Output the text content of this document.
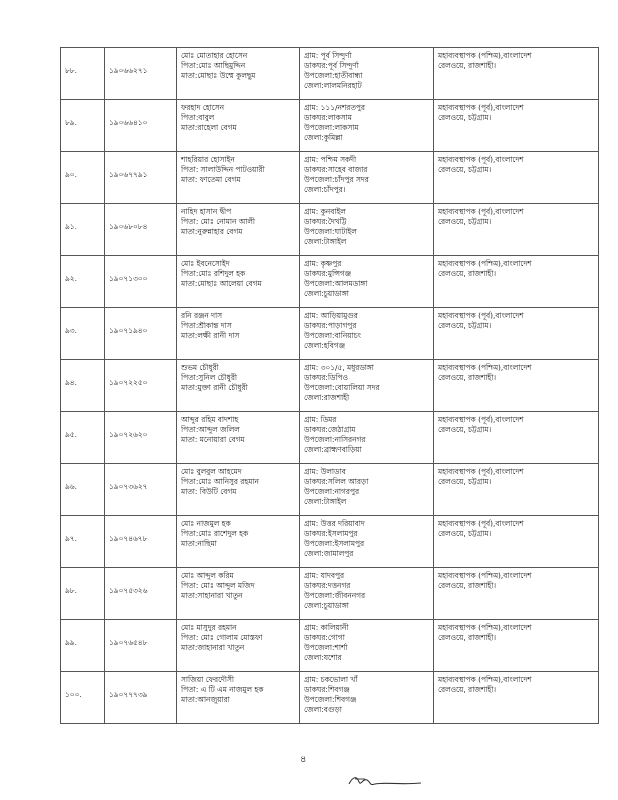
৮৮.	১৯০৬৬২৭১	মোঃ মোতাহার হোসেন
পিতা:মোঃ আছিমুদ্দিন
মাতা:মোছাঃ উম্মে কুলছুম	গ্রাম: পূর্ব সিন্দুর্ণা
ডাকঘর:পূর্ব সিন্দুর্ণা
উপজেলা:হাতীবান্ধা
জেলা:লালমনিরহাট	মহাব্যবস্থাপক (পশ্চিম),বাংলাদেশ
রেলওয়ে, রাজশাহী।

৮৯.	১৯০৬৬৪১০	ফরহাদ হোসেন
পিতা:বাবুল
মাতা:রাহেলা বেগম	গ্রাম: ১১১/নশরতপুর
ডাকঘর:লাকসাম
উপজেলা:লাকসাম
জেলা:কুমিল্লা	মহাব্যবস্থাপক (পূর্ব),বাংলাদেশ
রেলওয়ে, চট্টগ্রাম।

৯০.	১৯০৬৭৭৯১	শাহরিয়ার হোসাইন
পিতা: সালাউদ্দিন পাটওয়ারী
মাতা: ফাতেমা বেগম	গ্রাম: পশ্চিম সকদী
ডাকঘর:সাহেব বাজার
উপজেলা:চাঁদপুর সদর
জেলা:চাঁদপুর।	মহাব্যবস্থাপক (পূর্ব),বাংলাদেশ
রেলওয়ে, চট্টগ্রাম।

৯১.	১৯০৬৮০৮৪	নাহিদ হাসান দ্বীপ
পিতা: মোঃ নোমান আলী
মাতা:নুরুন্নাহার বেগম	গ্রাম: কুনবাইল
ডাকঘর:দৈখট্টি
উপজেলা:ঘাটাইল
জেলা:টাঙ্গাইল	মহাব্যবস্থাপক (পূর্ব),বাংলাদেশ
রেলওয়ে, চট্টগ্রাম।

৯২.	১৯০৭১৩০০	মোঃ ইবনেসোইদ
পিতা:মোঃ রশিদুল হক
মাতা:মোছাঃ আলেয়া বেগম	গ্রাম: কৃষ্ণপুর
ডাকঘর:মুন্সিগঞ্জ
উপজেলা:আলমডাঙ্গা
জেলা:চুয়াডাঙ্গা	মহাব্যবস্থাপক (পশ্চিম),বাংলাদেশ
রেলওয়ে, রাজশাহী।

৯৩.	১৯০৭১৯৪০	রনি রঞ্জন দাস
পিতা:শ্রীকান্ত দাস
মাতা:লক্ষী রানী দাস	গ্রাম: আড়িয়ামুগুর
ডাকঘর:পাড়াগপুর
উপজেলা:বানিয়াচং
জেলা:হবিগঞ্জ	মহাব্যবস্থাপক (পূর্ব),বাংলাদেশ
রেলওয়ে, চট্টগ্রাম।

৯৪.	১৯০৭২২৫০	শুভম চৌধুরী
পিতা:সুনিল চৌধুরী
মাতা:মুক্তা রানী চৌধুরী	গ্রাম: ৩০১/৫, মধুরডাঙ্গা
ডাকঘর:ডিপিও
উপজেলা:বোয়ালিয়া সদর
জেলা:রাজশাহী	মহাব্যবস্থাপক (পশ্চিম),বাংলাদেশ
রেলওয়ে, রাজশাহী।

৯৫.	১৯০৭২৬২০	আব্দুর রহিম বাদশাহ
পিতা:আব্দুল জলিল
মাতা: মনোয়ারা বেগম	গ্রাম: ডিমর
ডাকঘর:জেঠাগ্রাম
উপজেলা:নাসিরনগর
জেলা:ব্রাহ্মণবাড়িয়া	মহাব্যবস্থাপক (পূর্ব),বাংলাদেশ
রেলওয়ে, চট্টগ্রাম।

৯৬.	১৯০৭৩৬২৭	মোঃ বুলবুল আহমেদ
পিতা:মোঃ আনিসুর রহমান
মাতা: বিউটি বেগম	গ্রাম: উলাডাব
ডাকঘর:সলিল আরড়া
উপজেলা:নাগরপুর
জেলা:টাঙ্গাইল	মহাব্যবস্থাপক (পূর্ব),বাংলাদেশ
রেলওয়ে, চট্টগ্রাম।

৯৭.	১৯০৭৪৬৭৮	মোঃ নাজমুল হক
পিতা:মোঃ রাশেদুল হক
মাতা:নাছিমা	গ্রাম: উত্তর দরিয়াবাদ
ডাকঘর:ইসলামপুর
উপজেলা:ইসলামপুর
জেলা:জামালপুর	মহাব্যবস্থাপক (পূর্ব),বাংলাদেশ
রেলওয়ে, চট্টগ্রাম।

৯৮.	১৯০৭৫৩২৬	মোঃ আব্দুল করিম
পিতা: মোঃ আব্দুল মজিদ
মাতা:সাহানারা খাতুন	গ্রাম: যাদবপুর
ডাকঘর:দত্তনগর
উপজেলা:জীবননগর
জেলা:চুয়াডাঙ্গা	মহাব্যবস্থাপক (পশ্চিম),বাংলাদেশ
রেলওয়ে, রাজশাহী।

৯৯.	১৯০৭৬৫৪৮	মোঃ মাসুদুর রহমান
পিতা: মোঃ গোলাম মোস্তফা
মাতা:জাহানারা খাতুন	গ্রাম: কালিয়ানী
ডাকঘর:গোগা
উপজেলা:শার্শা
জেলা:যশোর	মহাব্যবস্থাপক (পশ্চিম),বাংলাদেশ
রেলওয়ে, রাজশাহী।

১০০.	১৯০৭৭৭৩৯	সাজিয়া ফেরদৌসী
পিতা: এ টি এম নাজমুল হক
মাতা:আনজুয়ারা	গ্রাম: চকভোলা খাঁ
ডাকঘর:শিবগঞ্জ
উপজেলা:শিবগঞ্জ
জেলা:বগুড়া	মহাব্যবস্থাপক (পশ্চিম),বাংলাদেশ
রেলওয়ে, রাজশাহী।
৪
